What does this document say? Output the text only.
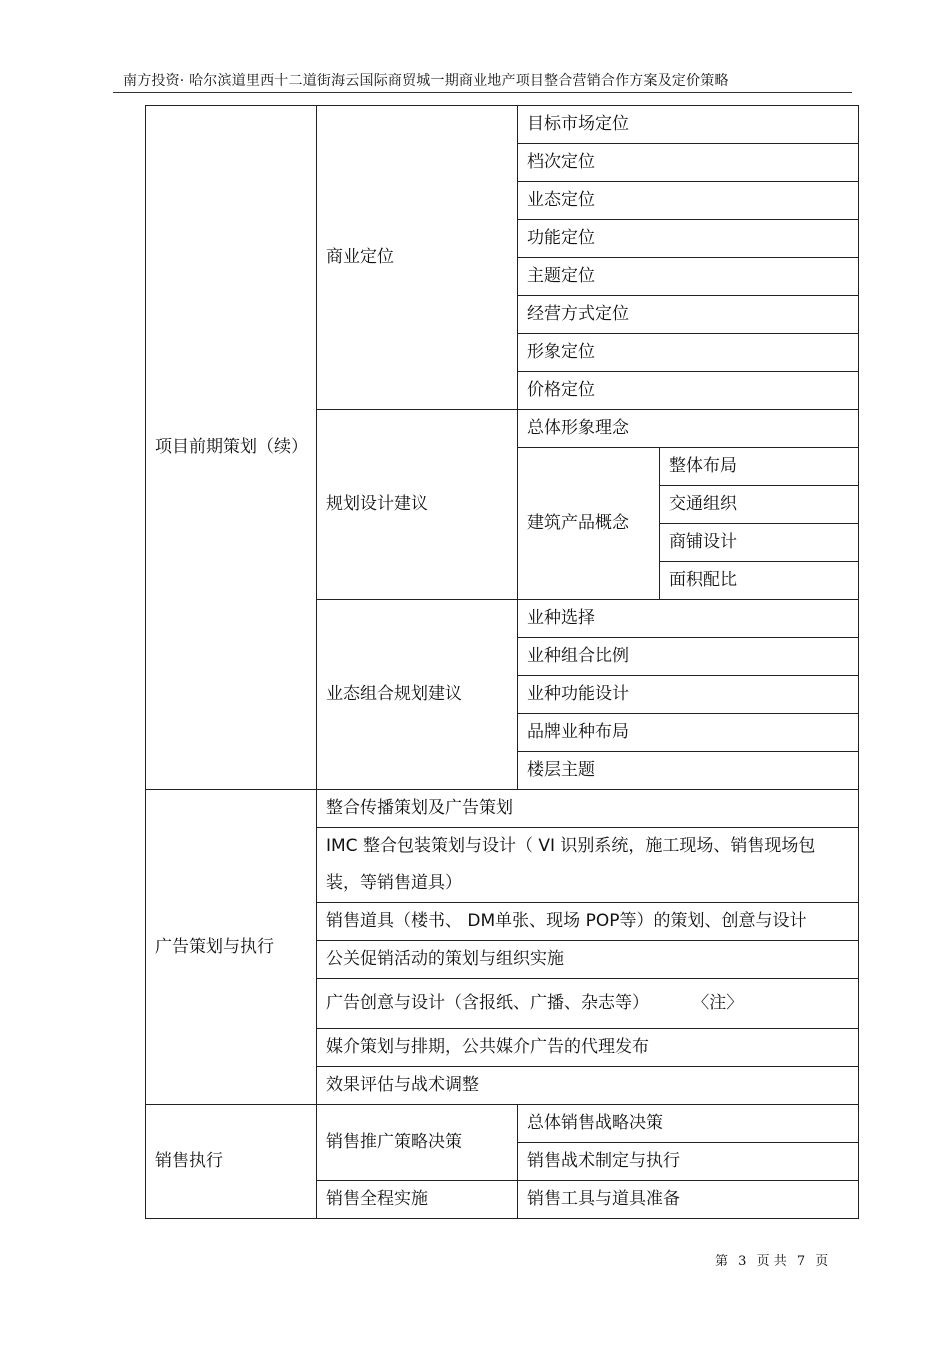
南方投资· 哈尔滨道里西十二道街海云国际商贸城一期商业地产项目整合营销合作方案及定价策略
项目前期策划（续）	商业定位	目标市场定位	
		档次定位	
		业态定位	
		功能定位	
		主题定位	
		经营方式定位	
		形象定位	
		价格定位	
	规划设计建议	总体形象理念	
		建筑产品概念	整体布局
			交通组织
			商铺设计
			面积配比
	业态组合规划建议	业种选择	
		业种组合比例	
		业种功能设计	
		品牌业种布局	
		楼层主题	
广告策划与执行	整合传播策划及广告策划		
	IMC 整合包装策划与设计（ VI 识别系统，施工现场、销售现场包装，等销售道具）		
	销售道具（楼书、 DM单张、现场 POP等）的策划、创意与设计		
	公关促销活动的策划与组织实施		
	广告创意与设计（含报纸、广播、杂志等）        〈注〉		
	媒介策划与排期，公共媒介广告的代理发布		
	效果评估与战术调整		
销售执行	销售推广策略决策	总体销售战略决策	
		销售战术制定与执行	
	销售全程实施	销售工具与道具准备	
第 3 页 共 7 页
